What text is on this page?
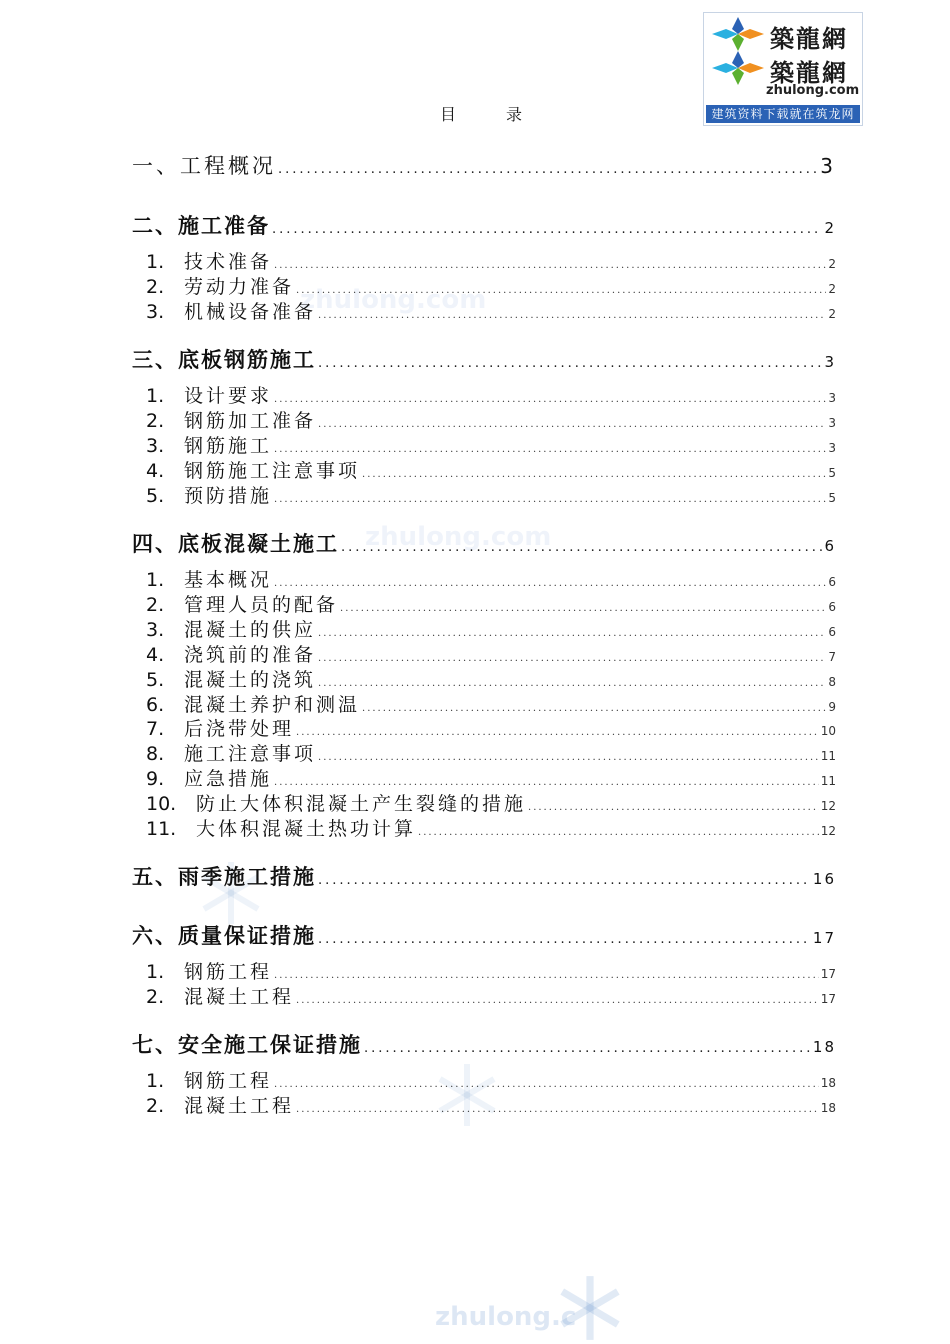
zhulong.com
zhulong.com
zhulong.c
築龍網
築龍網
zhulong.com
建筑资料下载就在筑龙网
目录
一、工程概况 .....	3
二、施工准备 .....	2
1. 技术准备 .....	2
2. 劳动力准备 .....	2
3. 机械设备准备 .....	2
三、底板钢筋施工 .....	3
1. 设计要求 .....	3
2. 钢筋加工准备 .....	3
3. 钢筋施工 .....	3
4. 钢筋施工注意事项 .....	5
5. 预防措施 .....	5
四、底板混凝土施工 .....	6
1. 基本概况 .....	6
2. 管理人员的配备 .....	6
3. 混凝土的供应 .....	6
4. 浇筑前的准备 .....	7
5. 混凝土的浇筑 .....	8
6. 混凝土养护和测温 .....	9
7. 后浇带处理 .....	10
8. 施工注意事项 .....	11
9. 应急措施 .....	11
10. 防止大体积混凝土产生裂缝的措施 .....	12
11. 大体积混凝土热功计算 .....	12
五、雨季施工措施 .....	16
六、质量保证措施 .....	17
1. 钢筋工程 .....	17
2. 混凝土工程 .....	17
七、安全施工保证措施 .....	18
1. 钢筋工程 .....	18
2. 混凝土工程 .....	18
